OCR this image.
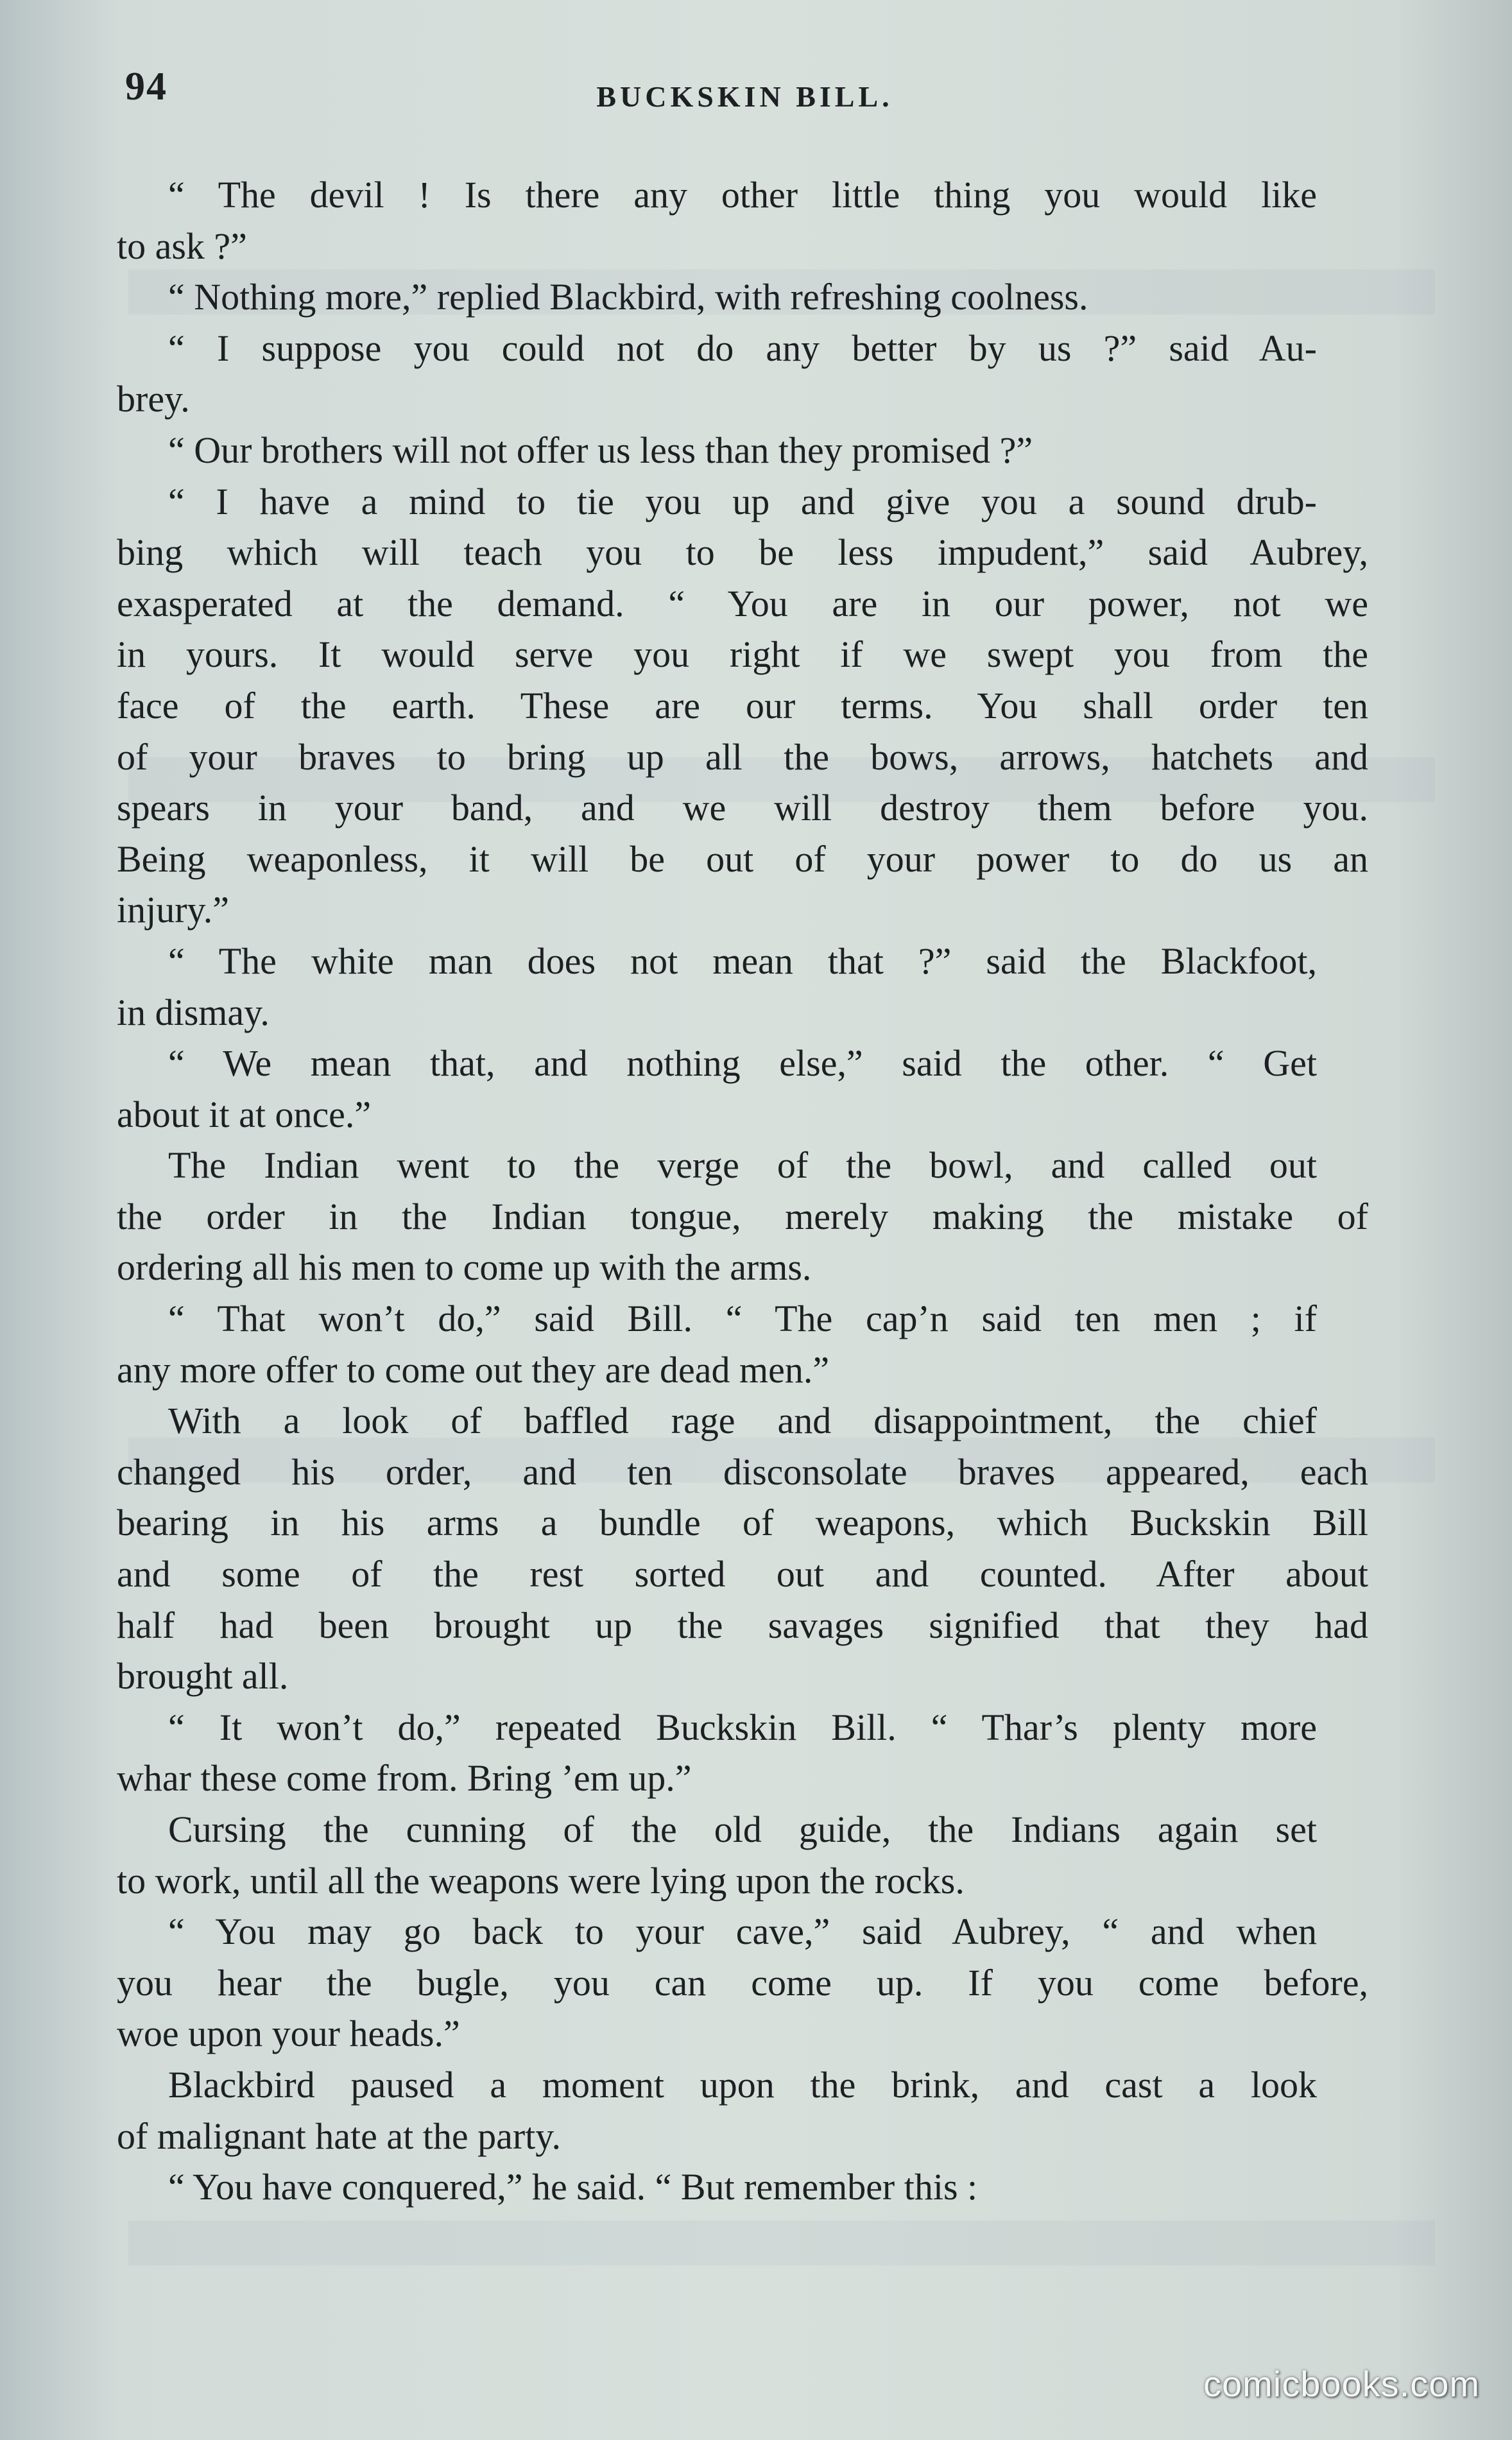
94	BUCKSKIN BILL.

“ The devil ! Is there any other little thing you would like
to ask ?”

“ Nothing more,” replied Blackbird, with refreshing coolness.

“ I suppose you could not do any better by us ?” said Au-
brey.

“ Our brothers will not offer us less than they promised ?”

“ I have a mind to tie you up and give you a sound drub-
bing which will teach you to be less impudent,” said Aubrey,
exasperated at the demand. “ You are in our power, not we
in yours. It would serve you right if we swept you from the
face of the earth. These are our terms. You shall order ten
of your braves to bring up all the bows, arrows, hatchets and
spears in your band, and we will destroy them before you.
Being weaponless, it will be out of your power to do us an
injury.”

“ The white man does not mean that ?” said the Blackfoot,
in dismay.

“ We mean that, and nothing else,” said the other. “ Get
about it at once.”

The Indian went to the verge of the bowl, and called out
the order in the Indian tongue, merely making the mistake of
ordering all his men to come up with the arms.

“ That won’t do,” said Bill. “ The cap’n said ten men ; if
any more offer to come out they are dead men.”

With a look of baffled rage and disappointment, the chief
changed his order, and ten disconsolate braves appeared, each
bearing in his arms a bundle of weapons, which Buckskin Bill
and some of the rest sorted out and counted. After about
half had been brought up the savages signified that they had
brought all.

“ It won’t do,” repeated Buckskin Bill. “ Thar’s plenty more
whar these come from. Bring ’em up.”

Cursing the cunning of the old guide, the Indians again set
to work, until all the weapons were lying upon the rocks.

“ You may go back to your cave,” said Aubrey, “ and when
you hear the bugle, you can come up. If you come before,
woe upon your heads.”

Blackbird paused a moment upon the brink, and cast a look
of malignant hate at the party.

“ You have conquered,” he said. “ But remember this :

comicbooks.com
